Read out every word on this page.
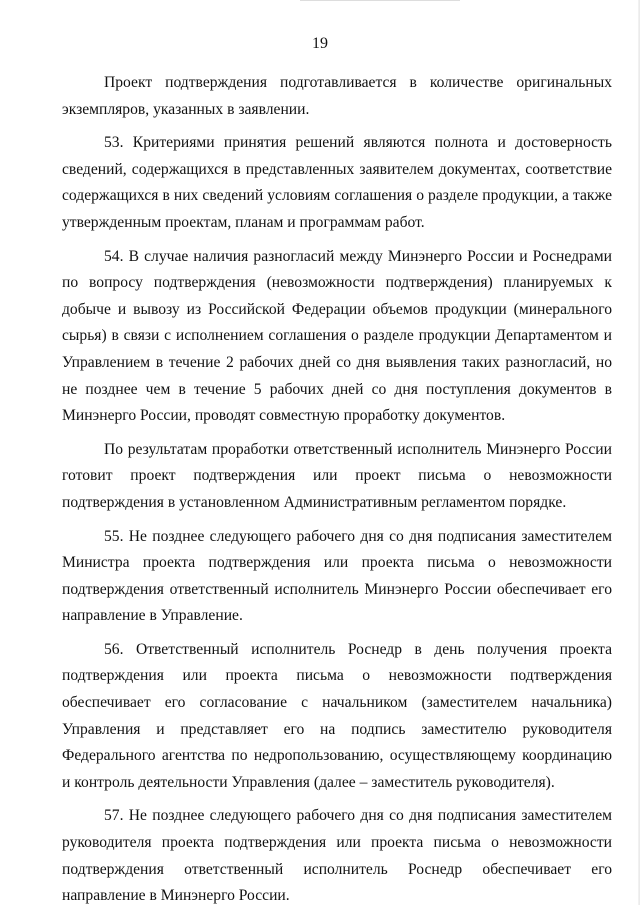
19

Проект подтверждения подготавливается в количестве оригинальных экземпляров, указанных в заявлении.

53. Критериями принятия решений являются полнота и достоверность сведений, содержащихся в представленных заявителем документах, соответствие содержащихся в них сведений условиям соглашения о разделе продукции, а также утвержденным проектам, планам и программам работ.

54. В случае наличия разногласий между Минэнерго России и Роснедрами по вопросу подтверждения (невозможности подтверждения) планируемых к добыче и вывозу из Российской Федерации объемов продукции (минерального сырья) в связи с исполнением соглашения о разделе продукции Департаментом и Управлением в течение 2 рабочих дней со дня выявления таких разногласий, но не позднее чем в течение 5 рабочих дней со дня поступления документов в Минэнерго России, проводят совместную проработку документов.

По результатам проработки ответственный исполнитель Минэнерго России готовит проект подтверждения или проект письма о невозможности подтверждения в установленном Административным регламентом порядке.

55. Не позднее следующего рабочего дня со дня подписания заместителем Министра проекта подтверждения или проекта письма о невозможности подтверждения ответственный исполнитель Минэнерго России обеспечивает его направление в Управление.

56. Ответственный исполнитель Роснедр в день получения проекта подтверждения или проекта письма о невозможности подтверждения обеспечивает его согласование с начальником (заместителем начальника) Управления и представляет его на подпись заместителю руководителя Федерального агентства по недропользованию, осуществляющему координацию и контроль деятельности Управления (далее – заместитель руководителя).

57. Не позднее следующего рабочего дня со дня подписания заместителем руководителя проекта подтверждения или проекта письма о невозможности подтверждения ответственный исполнитель Роснедр обеспечивает его направление в Минэнерго России.
